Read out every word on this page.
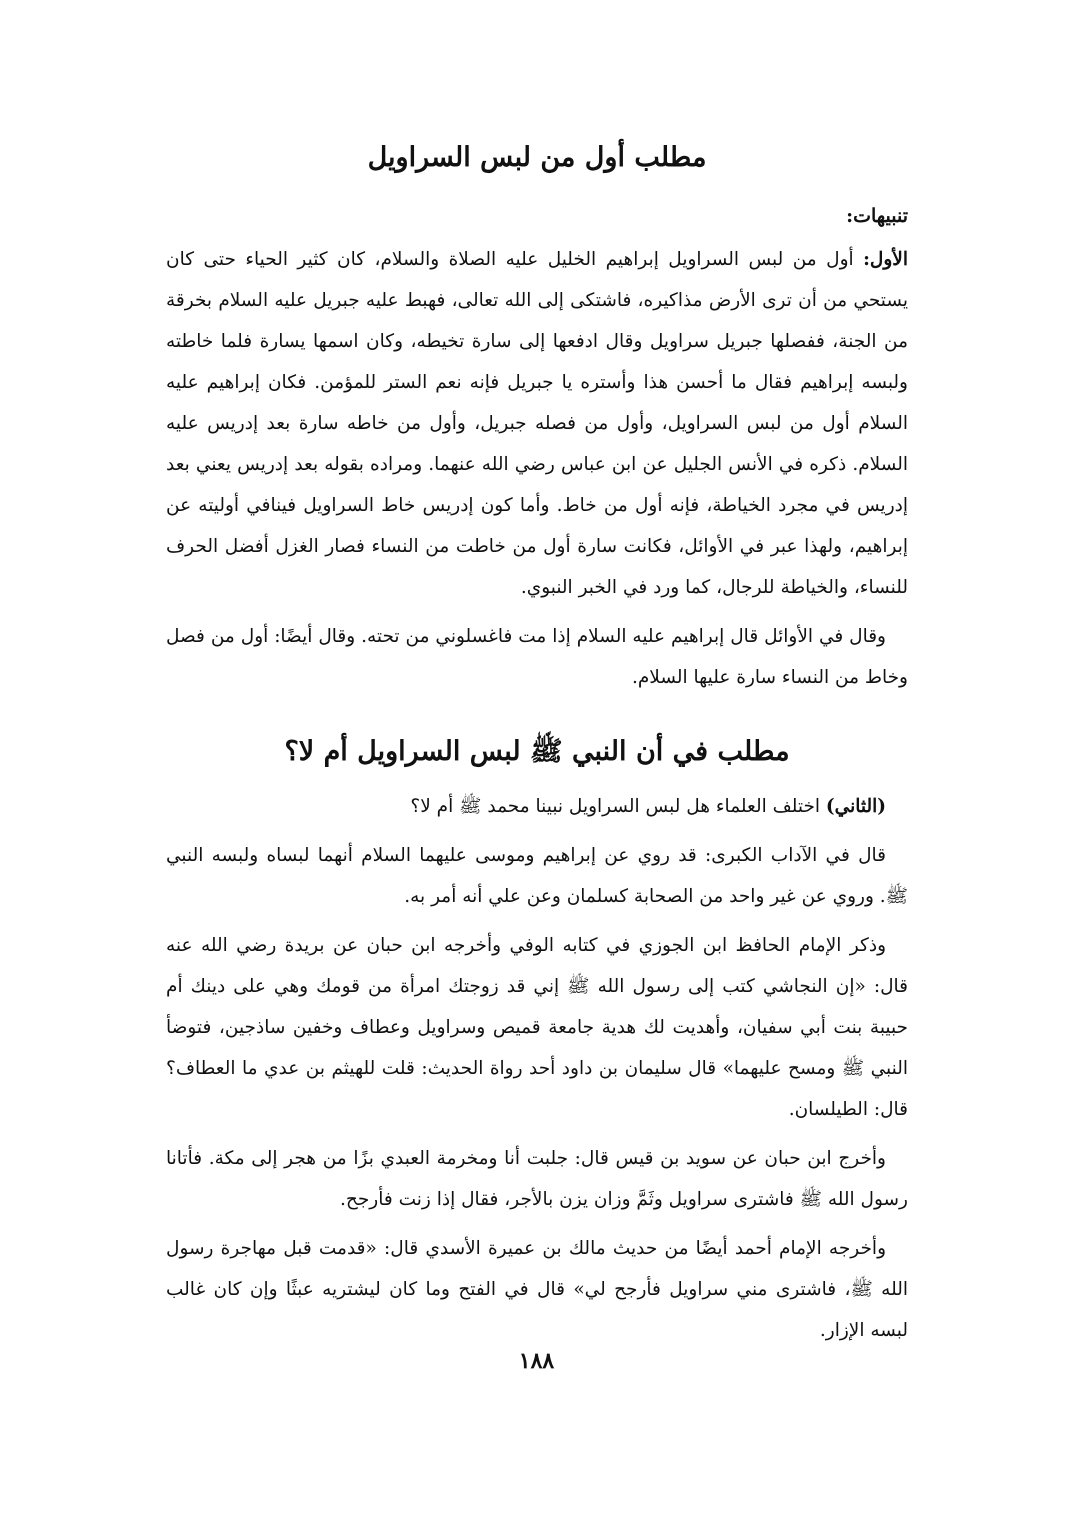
مطلب أول من لبس السراويل
تنبيهات:

الأول: أول من لبس السراويل إبراهيم الخليل عليه الصلاة والسلام، كان كثير الحياء حتى كان يستحي من أن ترى الأرض مذاكيره، فاشتكى إلى الله تعالى، فهبط عليه جبريل عليه السلام بخرقة من الجنة، ففصلها جبريل سراويل وقال ادفعها إلى سارة تخيطه، وكان اسمها يسارة فلما خاطته ولبسه إبراهيم فقال ما أحسن هذا وأستره يا جبريل فإنه نعم الستر للمؤمن. فكان إبراهيم عليه السلام أول من لبس السراويل، وأول من فصله جبريل، وأول من خاطه سارة بعد إدريس عليه السلام. ذكره في الأنس الجليل عن ابن عباس رضي الله عنهما. ومراده بقوله بعد إدريس يعني بعد إدريس في مجرد الخياطة، فإنه أول من خاط. وأما كون إدريس خاط السراويل فينافي أوليته عن إبراهيم، ولهذا عبر في الأوائل، فكانت سارة أول من خاطت من النساء فصار الغزل أفضل الحرف للنساء، والخياطة للرجال، كما ورد في الخبر النبوي.

وقال في الأوائل قال إبراهيم عليه السلام إذا مت فاغسلوني من تحته. وقال أيضًا: أول من فصل وخاط من النساء سارة عليها السلام.

مطلب في أن النبي ﷺ لبس السراويل أم لا؟

(الثاني) اختلف العلماء هل لبس السراويل نبينا محمد ﷺ أم لا؟

قال في الآداب الكبرى: قد روي عن إبراهيم وموسى عليهما السلام أنهما لبساه ولبسه النبي ﷺ. وروي عن غير واحد من الصحابة كسلمان وعن علي أنه أمر به.

وذكر الإمام الحافظ ابن الجوزي في كتابه الوفي وأخرجه ابن حبان عن بريدة رضي الله عنه قال: «إن النجاشي كتب إلى رسول الله ﷺ إني قد زوجتك امرأة من قومك وهي على دينك أم حبيبة بنت أبي سفيان، وأهديت لك هدية جامعة قميص وسراويل وعطاف وخفين ساذجين، فتوضأ النبي ﷺ ومسح عليهما» قال سليمان بن داود أحد رواة الحديث: قلت للهيثم بن عدي ما العطاف؟ قال: الطيلسان.

وأخرج ابن حبان عن سويد بن قيس قال: جلبت أنا ومخرمة العبدي بزًا من هجر إلى مكة. فأتانا رسول الله ﷺ فاشترى سراويل وثَمَّ وزان يزن بالأجر، فقال إذا زنت فأرجح.

وأخرجه الإمام أحمد أيضًا من حديث مالك بن عميرة الأسدي قال: «قدمت قبل مهاجرة رسول الله ﷺ، فاشترى مني سراويل فأرجح لي» قال في الفتح وما كان ليشتريه عبثًا وإن كان غالب لبسه الإزار.

١٨٨
